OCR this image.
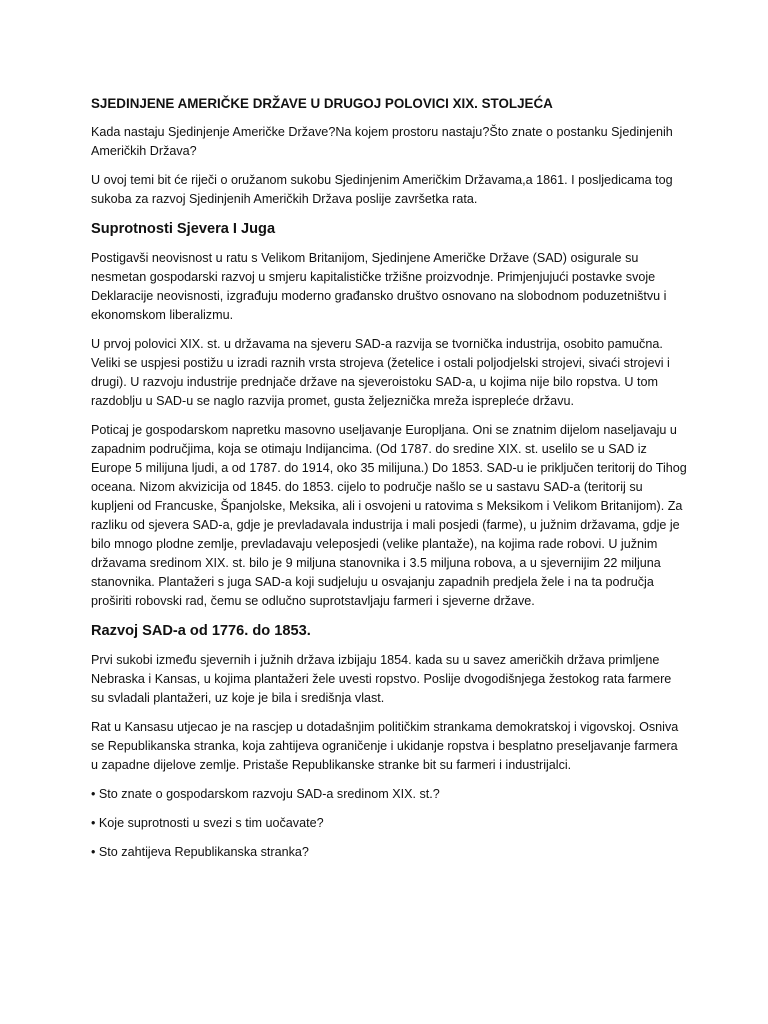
SJEDINJENE AMERIČKE DRŽAVE U DRUGOJ POLOVICI XIX. STOLJEĆA

Kada nastaju Sjedinjenje Američke Države?Na kojem prostoru nastaju?Što znate o postanku Sjedinjenih Američkih Država?

U ovoj temi bit će riječi o oružanom sukobu Sjedinjenim Američkim Državama,a 1861. I posljedicama tog sukoba za razvoj Sjedinjenih Američkih Država poslije završetka rata.

Suprotnosti Sjevera I Juga

Postigavši neovisnost u ratu s Velikom Britanijom, Sjedinjene Američke Države (SAD) osigurale su nesmetan gospodarski razvoj u smjeru kapitalističke tržišne proizvodnje. Primjenjujući postavke svoje Deklaracije neovisnosti, izgrađuju moderno građansko društvo osnovano na slobodnom poduzetništvu i ekonomskom liberalizmu.

U prvoj polovici XIX. st. u državama na sjeveru SAD-a razvija se tvornička industrija, osobito pamučna. Veliki se uspjesi postižu u izradi raznih vrsta strojeva (žetelice i ostali poljodjelski strojevi, sivaći strojevi i drugi). U razvoju industrije prednjače države na sjeveroistoku SAD-a, u kojima nije bilo ropstva. U tom razdoblju u SAD-u se naglo razvija promet, gusta željeznička mreža isprepleće državu.

Poticaj je gospodarskom napretku masovno useljavanje Europljana. Oni se znatnim dijelom naseljavaju u zapadnim područjima, koja se otimaju Indijancima. (Od 1787. do sredine XIX. st. uselilo se u SAD iz Europe 5 milijuna ljudi, a od 1787. do 1914, oko 35 milijuna.) Do 1853. SAD-u ie priključen teritorij do Tihog oceana. Nizom akvizicija od 1845. do 1853. cijelo to područje našlo se u sastavu SAD-a (teritorij su kupljeni od Francuske, Španjolske, Meksika, ali i osvojeni u ratovima s Meksikom i Velikom Britanijom). Za razliku od sjevera SAD-a, gdje je prevladavala industrija i mali posjedi (farme), u južnim državama, gdje je bilo mnogo plodne zemlje, prevladavaju veleposjedi (velike plantaže), na kojima rade robovi. U južnim državama sredinom XIX. st. bilo je 9 miljuna stanovnika i 3.5 miljuna robova, a u sjevernijim 22 miljuna stanovnika. Plantažeri s juga SAD-a koji sudjeluju u osvajanju zapadnih predjela žele i na ta područja proširiti robovski rad, čemu se odlučno suprotstavljaju farmeri i sjeverne države.

Razvoj SAD-a od 1776. do 1853.

Prvi sukobi između sjevernih i južnih država izbijaju 1854. kada su u savez američkih država primljene Nebraska i Kansas, u kojima plantažeri žele uvesti ropstvo. Poslije dvogodišnjega žestokog rata farmere su svladali plantažeri, uz koje je bila i središnja vlast.

Rat u Kansasu utjecao je na rascjep u dotadašnjim političkim strankama demokratskoj i vigovskoj. Osniva se Republikanska stranka, koja zahtijeva ograničenje i ukidanje ropstva i besplatno preseljavanje farmera u zapadne dijelove zemlje. Pristaše Republikanske stranke bit su farmeri i industrijalci.

• Sto znate o gospodarskom razvoju SAD-a sredinom XIX. st.?

• Koje suprotnosti u svezi s tim uočavate?

• Sto zahtijeva Republikanska stranka?
